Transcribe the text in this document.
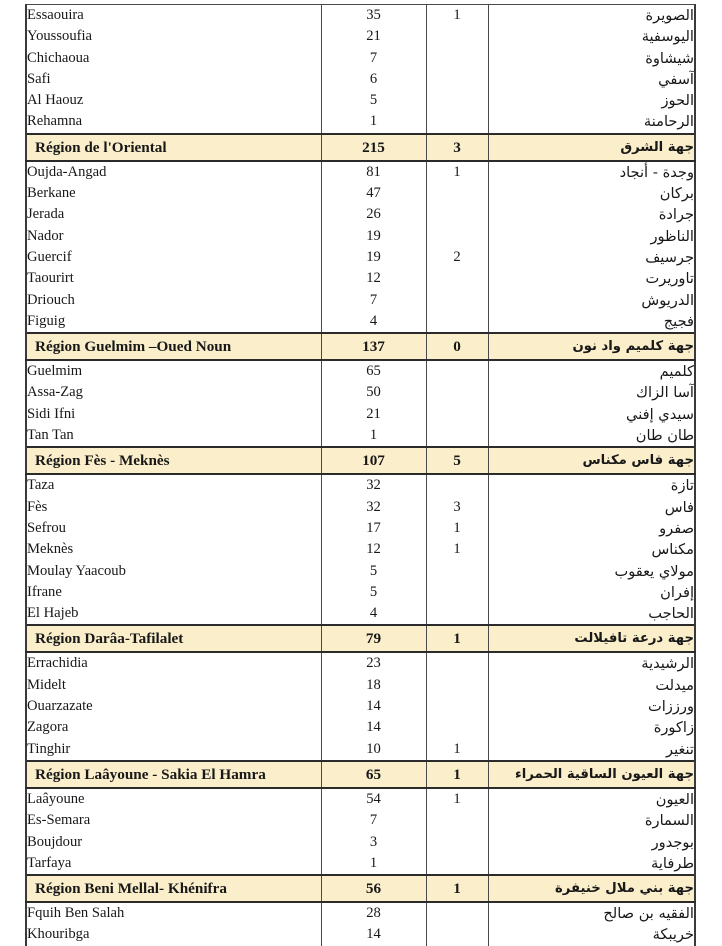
Essaouira	35	1	الصويرة
Youssoufia	21		اليوسفية
Chichaoua	7		شيشاوة
Safi	6		آسفي
Al Haouz	5		الحوز
Rehamna	1		الرحامنة
Région de l'Oriental	215	3	جهة الشرق
Oujda-Angad	81	1	وجدة - أنجاد
Berkane	47		بركان
Jerada	26		جرادة
Nador	19		الناظور
Guercif	19	2	جرسيف
Taourirt	12		تاوريرت
Driouch	7		الدريوش
Figuig	4		فجيج
Région Guelmim –Oued Noun	137	0	جهة كلميم واد نون
Guelmim	65		كلميم
Assa-Zag	50		آسا الزاك
Sidi Ifni	21		سيدي إفني
Tan Tan	1		طان طان
Région Fès - Meknès	107	5	جهة فاس مكناس
Taza	32		تازة
Fès	32	3	فاس
Sefrou	17	1	صفرو
Meknès	12	1	مكناس
Moulay Yaacoub	5		مولاي يعقوب
Ifrane	5		إفران
El Hajeb	4		الحاجب
Région Darâa-Tafilalet	79	1	جهة درعة تافيلالت
Errachidia	23		الرشيدية
Midelt	18		ميدلت
Ouarzazate	14		ورززات
Zagora	14		زاكورة
Tinghir	10	1	تنغير
Région Laâyoune - Sakia El Hamra	65	1	جهة العيون الساقية الحمراء
Laâyoune	54	1	العيون
Es-Semara	7		السمارة
Boujdour	3		بوجدور
Tarfaya	1		طرفاية
Région Beni Mellal- Khénifra	56	1	جهة بني ملال خنيفرة
Fquih Ben Salah	28		الفقيه بن صالح
Khouribga	14		خريبكة
